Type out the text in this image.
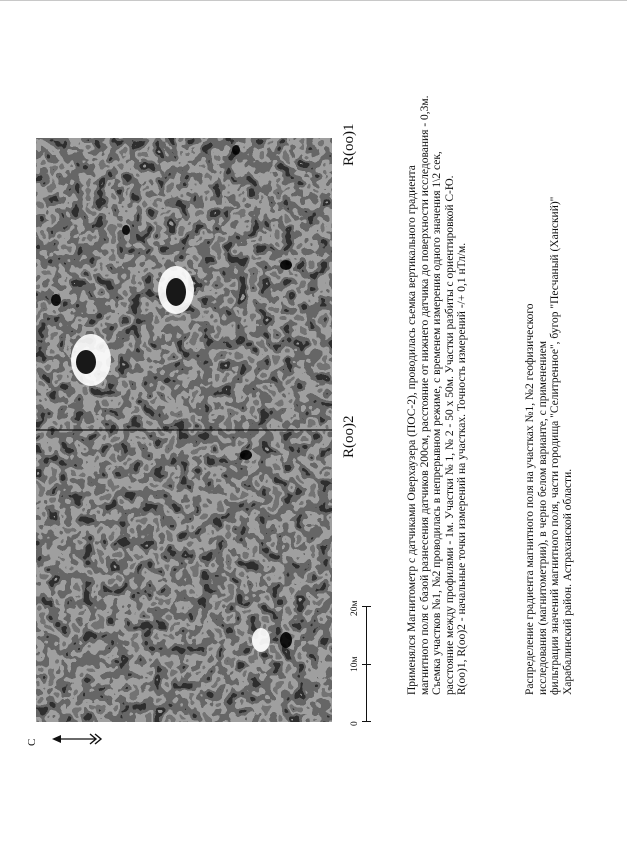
R(oo)1
R(oo)2
20м
10м
0
С
Применялся Магнитометр с датчиками Оверхаузера (ПОС-2), проводилась съемка вертикального градиента магнитного поля с базой разнесения датчиков 200см, расстояние от нижнего датчика до поверхности исследования - 0,3м. Съемка участков №1, №2 проводилась в непрерывном режиме, с временем измерения одного значения 1\2 сек, расстояние между профилями - 1м. Участки № 1, № 2 - 50 х 50м. Участки разбиты с ориентировкой С-Ю. R(oo)1, R(oo)2 - начальные точки измерений на участках. Точность измерений -/+ 0,1 нТл/м.	Распределение градиента магнитного поля на участках №1, №2 геофизического исследования (магнитометрии), в черно белом варианте, с применением фильтрации значений магнитного поля, части городища "Селитренное", бугор "Песчаный (Ханский)" Харабалинский район. Астраханской области.
